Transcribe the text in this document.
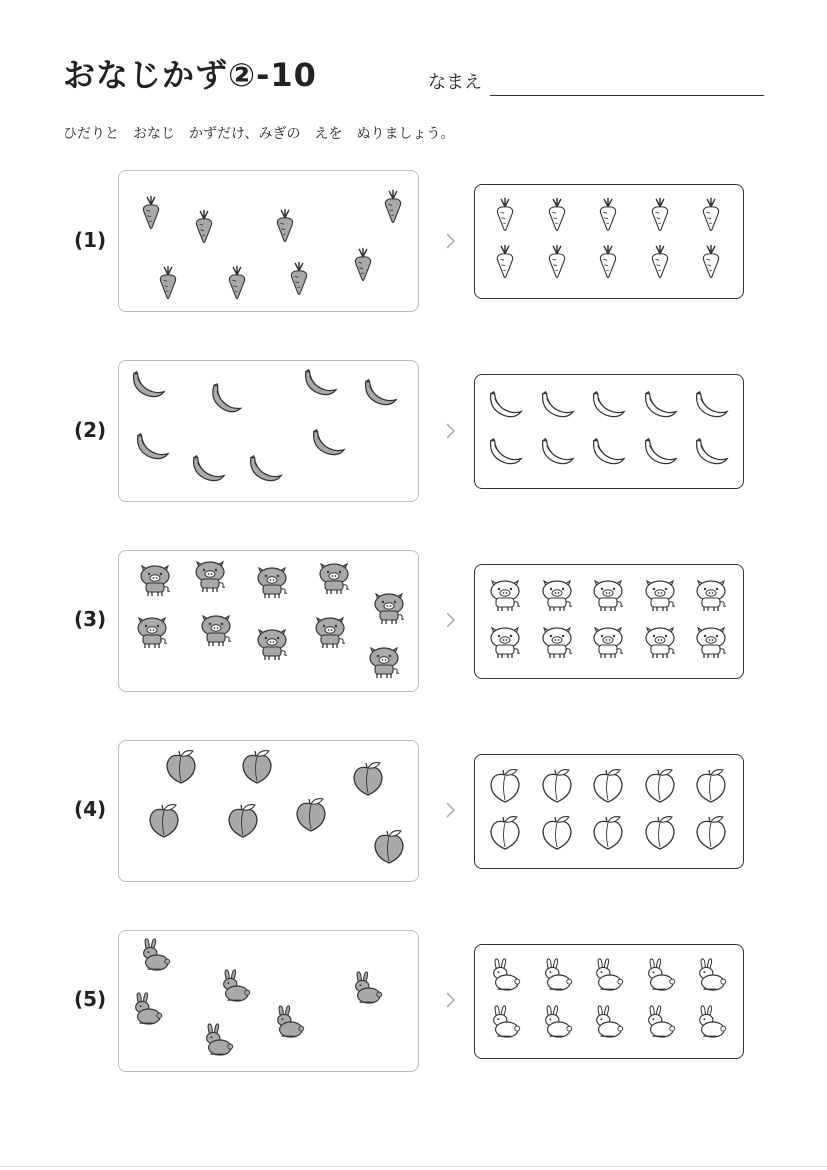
おなじかず②-10	なまえ
ひだりと　おなじ　かずだけ、みぎの　えを　ぬりましょう。
(1)
(2)
(3)
(4)
(5)
